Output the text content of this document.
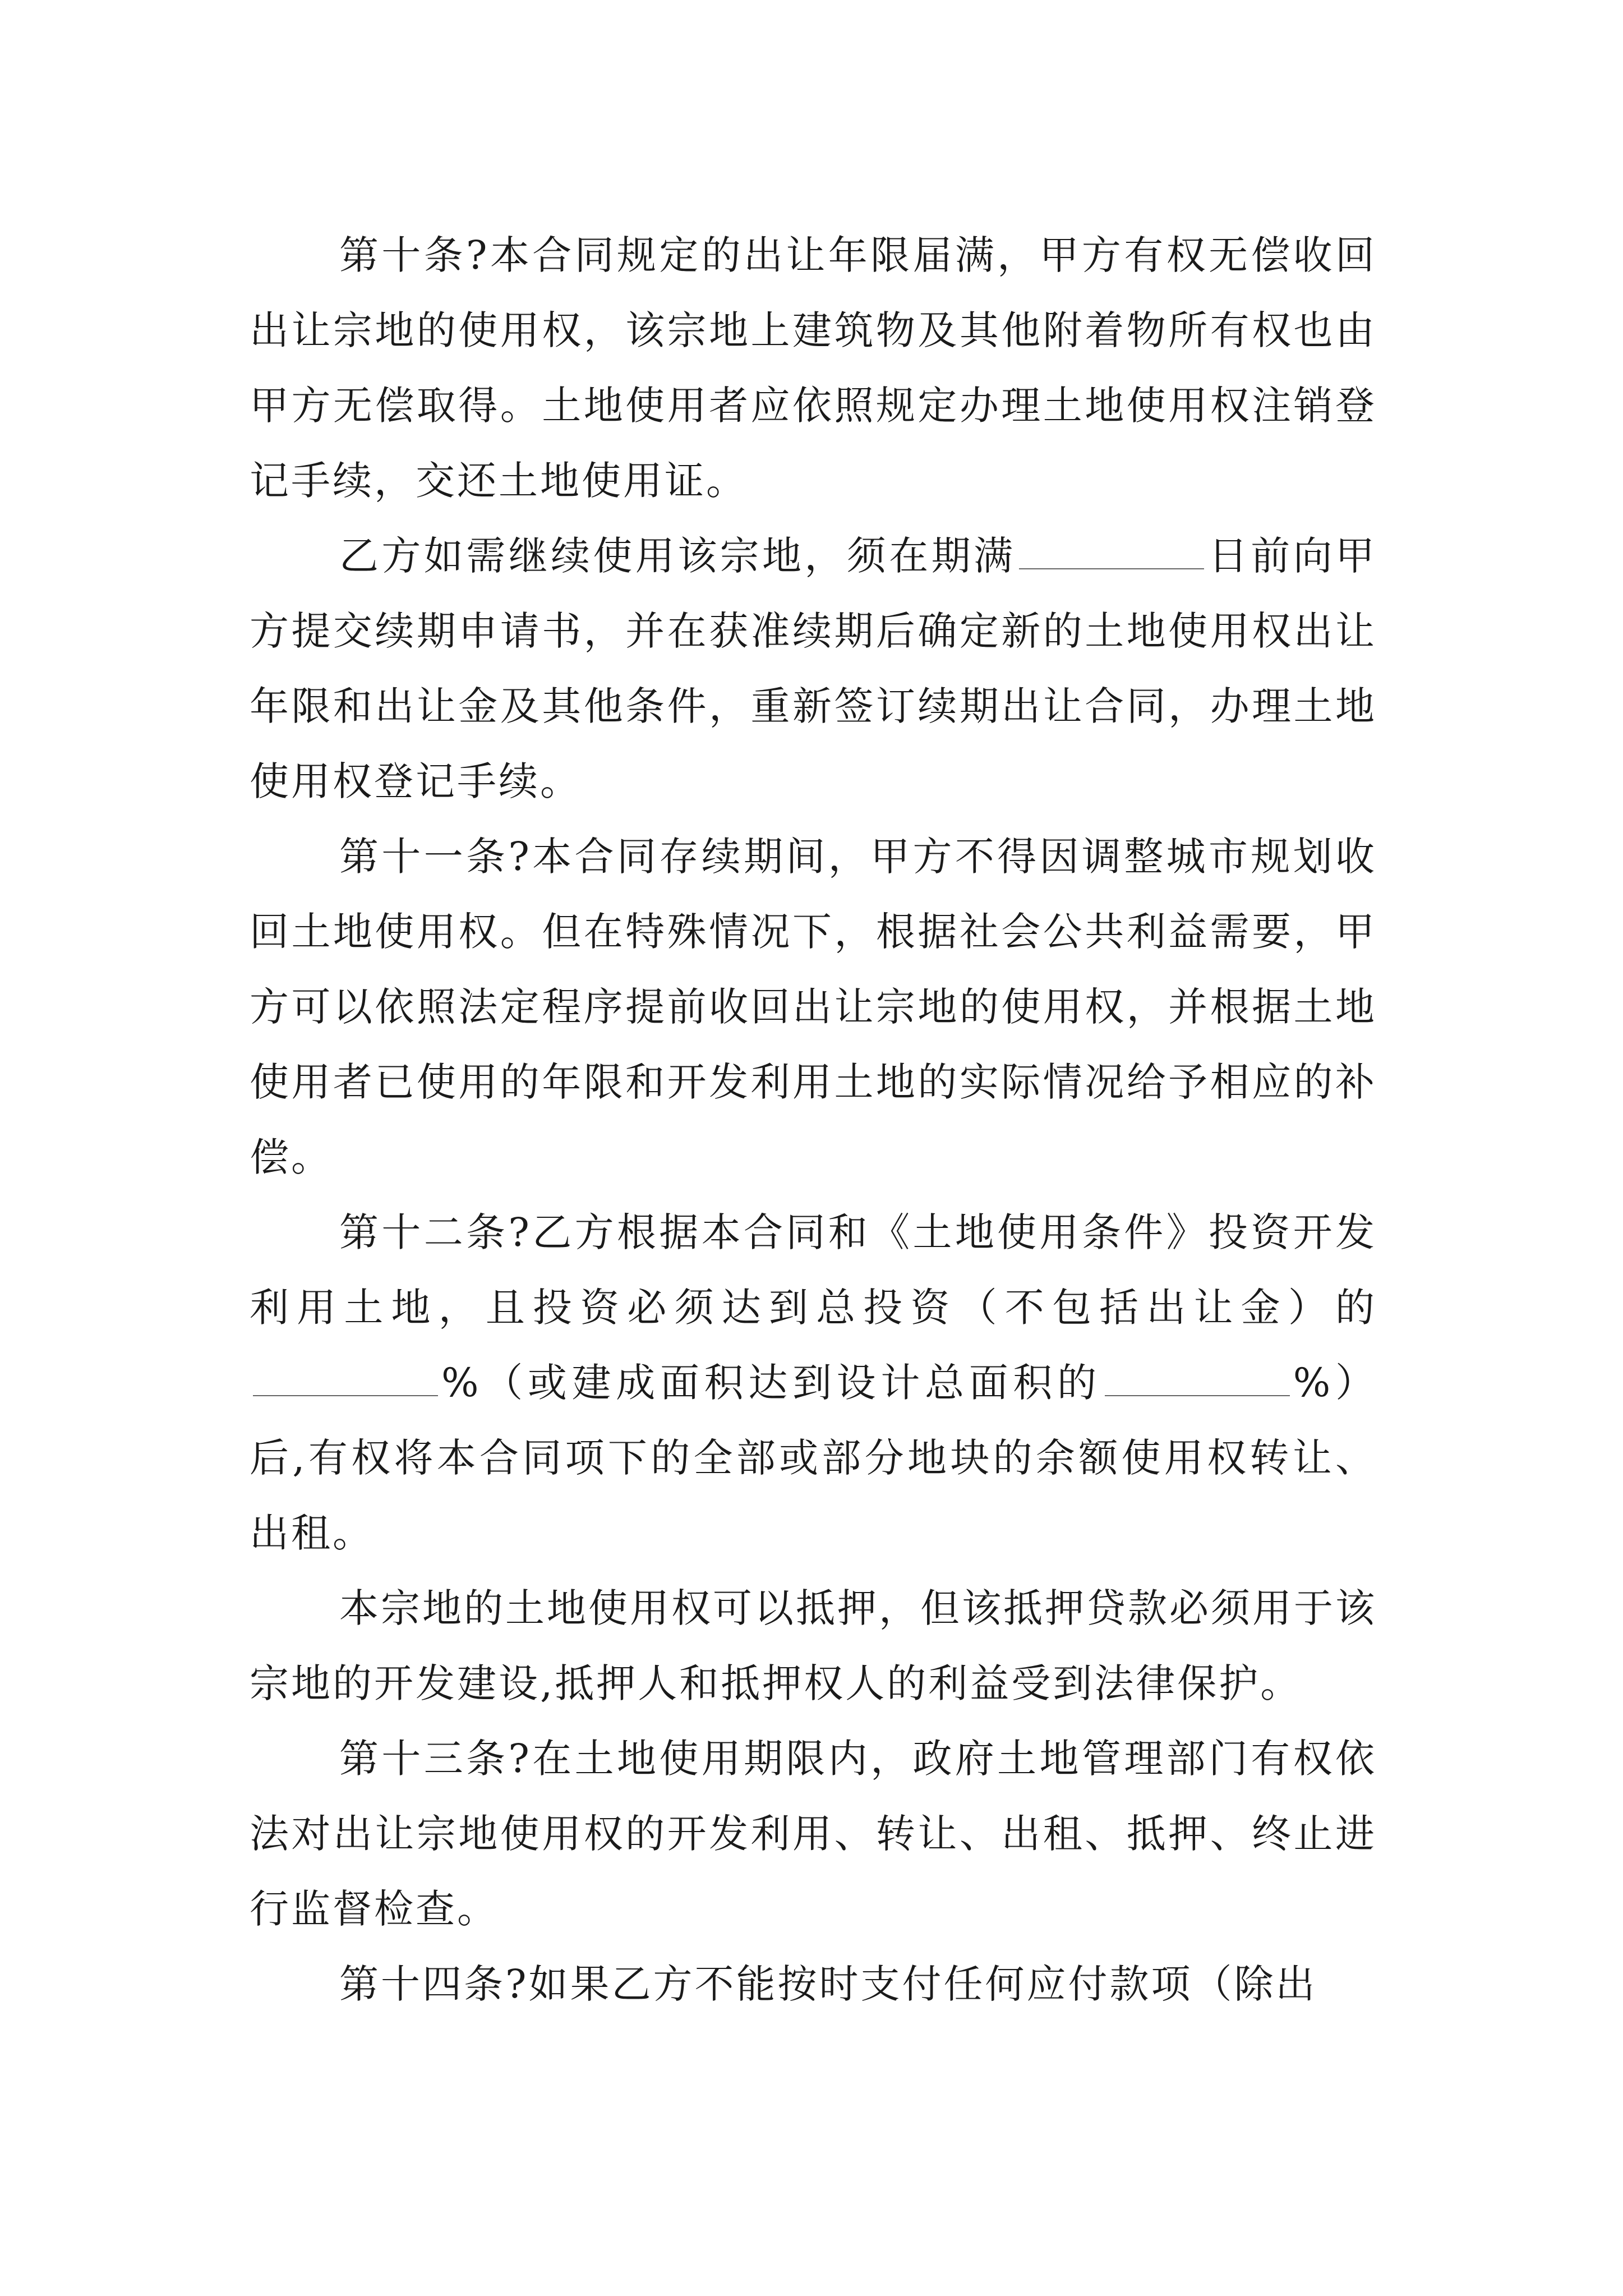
第十条?本合同规定的出让年限届满，甲方有权无偿收回出让宗地的使用权，该宗地上建筑物及其他附着物所有权也由甲方无偿取得。土地使用者应依照规定办理土地使用权注销登记手续，交还土地使用证。

乙方如需继续使用该宗地，须在期满	日前向甲方提交续期申请书，并在获准续期后确定新的土地使用权出让年限和出让金及其他条件，重新签订续期出让合同，办理土地使用权登记手续。

第十一条?本合同存续期间，甲方不得因调整城市规划收回土地使用权。但在特殊情况下，根据社会公共利益需要，甲方可以依照法定程序提前收回出让宗地的使用权，并根据土地使用者已使用的年限和开发利用土地的实际情况给予相应的补偿。

第十二条?乙方根据本合同和《土地使用条件》投资开发利用土地，且投资必须达到总投资（不包括出让金）的%（或建成面积达到设计总面积的	%）后,有权将本合同项下的全部或部分地块的余额使用权转让、出租。

本宗地的土地使用权可以抵押，但该抵押贷款必须用于该宗地的开发建设,抵押人和抵押权人的利益受到法律保护。

第十三条?在土地使用期限内，政府土地管理部门有权依法对出让宗地使用权的开发利用、转让、出租、抵押、终止进行监督检查。

第十四条?如果乙方不能按时支付任何应付款项（除出
